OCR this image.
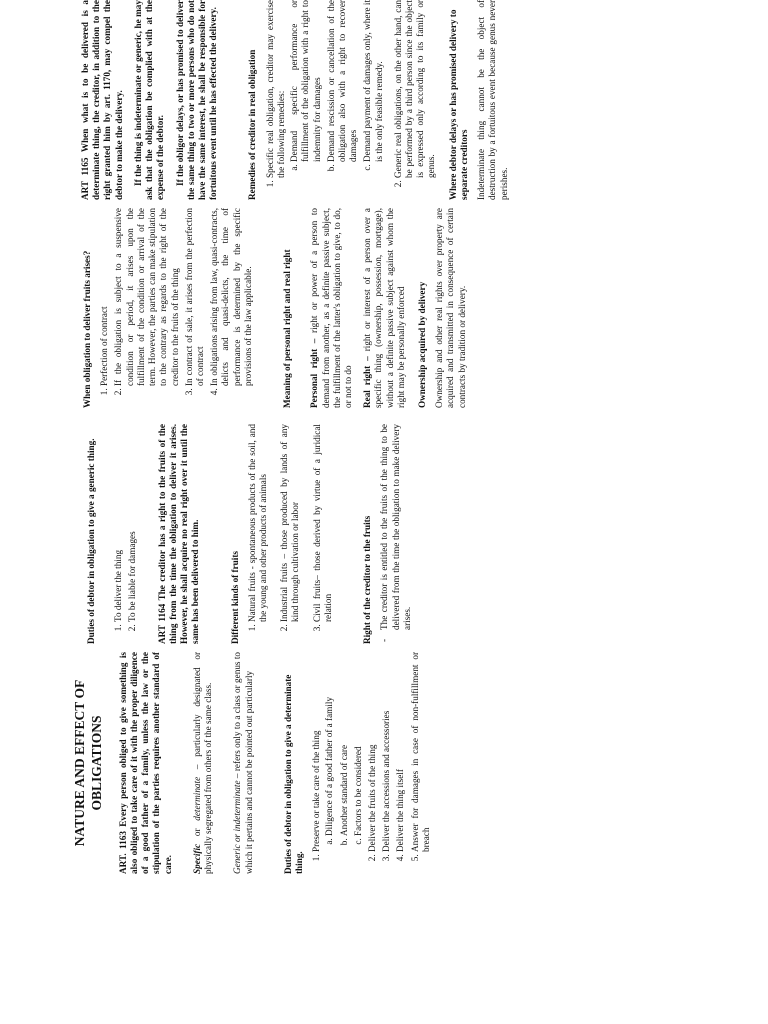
NATURE AND EFFECT OF OBLIGATIONS

ART. 1163 Every person obliged to give something is also obliged to take care of it with the proper diligence of a good father of a family, unless the law or the stipulation of the parties requires another standard of care. Specific or determinate – particularly designated or physically segregated from others of the same class. Generic or indeterminate – refers only to a class or genus to which it pertains and cannot be pointed out particularly	Duties of debtor in obligation to give a determinate thing.
1. Preserve or take care of the thing a. Diligence of a good father of a family b. Another standard of care c. Factors to be considered 2. Deliver the fruits of the thing 3. Deliver the accessions and accessories 4. Deliver the thing itself 5. Answer for damages in case of non-fulfillment or breach
Duties of debtor in obligation to give a generic thing. 1. To deliver the thing 2. To be liable for damages ART 1164 The creditor has a right to the fruits of the thing from the time the obligation to deliver it arises. However, he shall acquire no real right over it until the same has been delivered to him.	Different kinds of fruits 1. Natural fruits - spontaneous products of the soil, and the young and other products of animals 2. Industrial fruits – those produced by lands of any kind through cultivation or labor 3. Civil fruits– those derived by virtue of a juridical relation	Right of the creditor to the fruits - The creditor is entitled to the fruits of the thing to be delivered from the time the obligation to make delivery arises.
When obligation to deliver fruits arises? 1. Perfection of contract 2. If the obligation is subject to a suspensive condition or period, it arises upon the fulfillment of the condition or arrival of the term. However, the parties can make stipulation to the contrary as regards to the right of the creditor to the fruits of the thing 3. In contract of sale, it arises from the perfection of contract 4. In obligations arising from law, quasi-contracts, delicts and quasi-delicts, the time of performance is determined by the specific provisions of the law applicable.	Meaning of personal right and real right Personal right – right or power of a person to demand from another, as a definite passive subject, the fulfillment of the latter's obligation to give, to do, or not to do Real right – right or interest of a person over a specific thing (ownership, possession, mortgage), without a definite passive subject against whom the right may be personally enforced Ownership acquired by delivery Ownership and other real rights over property are acquired and transmitted in consequence of certain contracts by tradition or delivery.

ART 1165 When what is to be delivered is a determinate thing, the creditor, in addition to the right granted him by art. 1170, may compel the debtor to make the delivery. If the thing is indeterminate or generic, he may ask that the obligation be complied with at the expense of the debtor. If the obligor delays, or has promised to deliver the same thing to two or more persons who do not have the same interest, he shall be responsible for fortuitous event until he has effected the delivery.	Remedies of creditor in real obligation 1. Specific real obligation, creditor may exercise the following remedies: a. Demand specific performance or fulfillment of the obligation with a right to indemnity for damages b. Demand rescission or cancellation of the obligation also with a right to recover damages c. Demand payment of damages only, where it is the only feasible remedy. 2. Generic real obligations, on the other hand, can be performed by a third person since the object is expressed only according to its family or genus. Where debtor delays or has promised delivery to separate creditors Indeterminate thing cannot be the object of destruction by a fortuitous event because genus never perishes.
